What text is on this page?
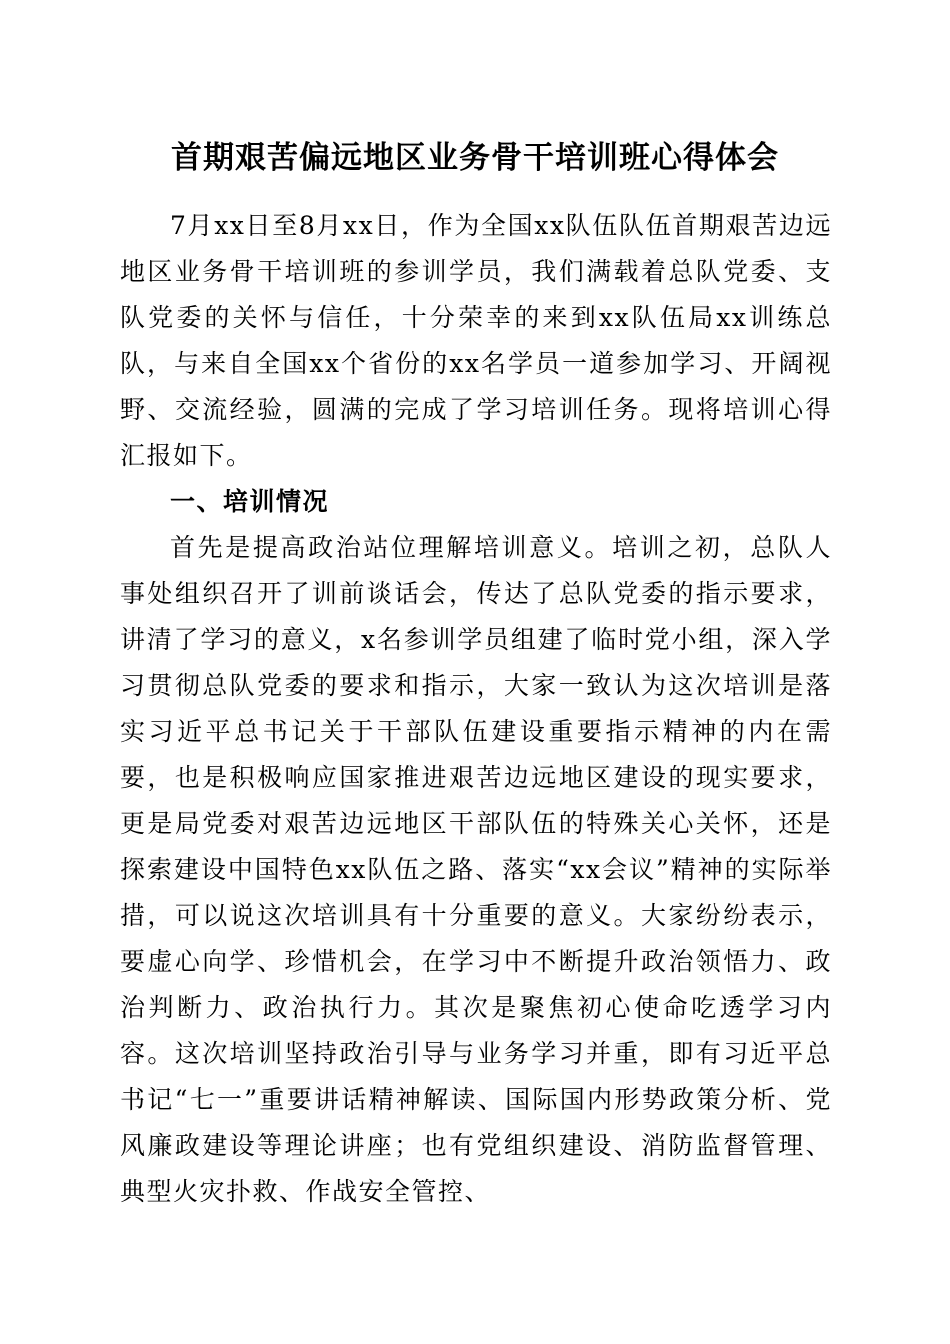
首期艰苦偏远地区业务骨干培训班心得体会

7月xx日至8月xx日，作为全国xx队伍队伍首期艰苦边远地区业务骨干培训班的参训学员，我们满载着总队党委、支队党委的关怀与信任，十分荣幸的来到xx队伍局xx训练总队，与来自全国xx个省份的xx名学员一道参加学习、开阔视野、交流经验，圆满的完成了学习培训任务。现将培训心得汇报如下。

一、培训情况

首先是提高政治站位理解培训意义。培训之初，总队人事处组织召开了训前谈话会，传达了总队党委的指示要求，讲清了学习的意义，x名参训学员组建了临时党小组，深入学习贯彻总队党委的要求和指示，大家一致认为这次培训是落实习近平总书记关于干部队伍建设重要指示精神的内在需要，也是积极响应国家推进艰苦边远地区建设的现实要求，更是局党委对艰苦边远地区干部队伍的特殊关心关怀，还是探索建设中国特色xx队伍之路、落实“xx会议”精神的实际举措，可以说这次培训具有十分重要的意义。大家纷纷表示，要虚心向学、珍惜机会，在学习中不断提升政治领悟力、政治判断力、政治执行力。其次是聚焦初心使命吃透学习内容。这次培训坚持政治引导与业务学习并重，即有习近平总书记“七一”重要讲话精神解读、国际国内形势政策分析、党风廉政建设等理论讲座；也有党组织建设、消防监督管理、典型火灾扑救、作战安全管控、
